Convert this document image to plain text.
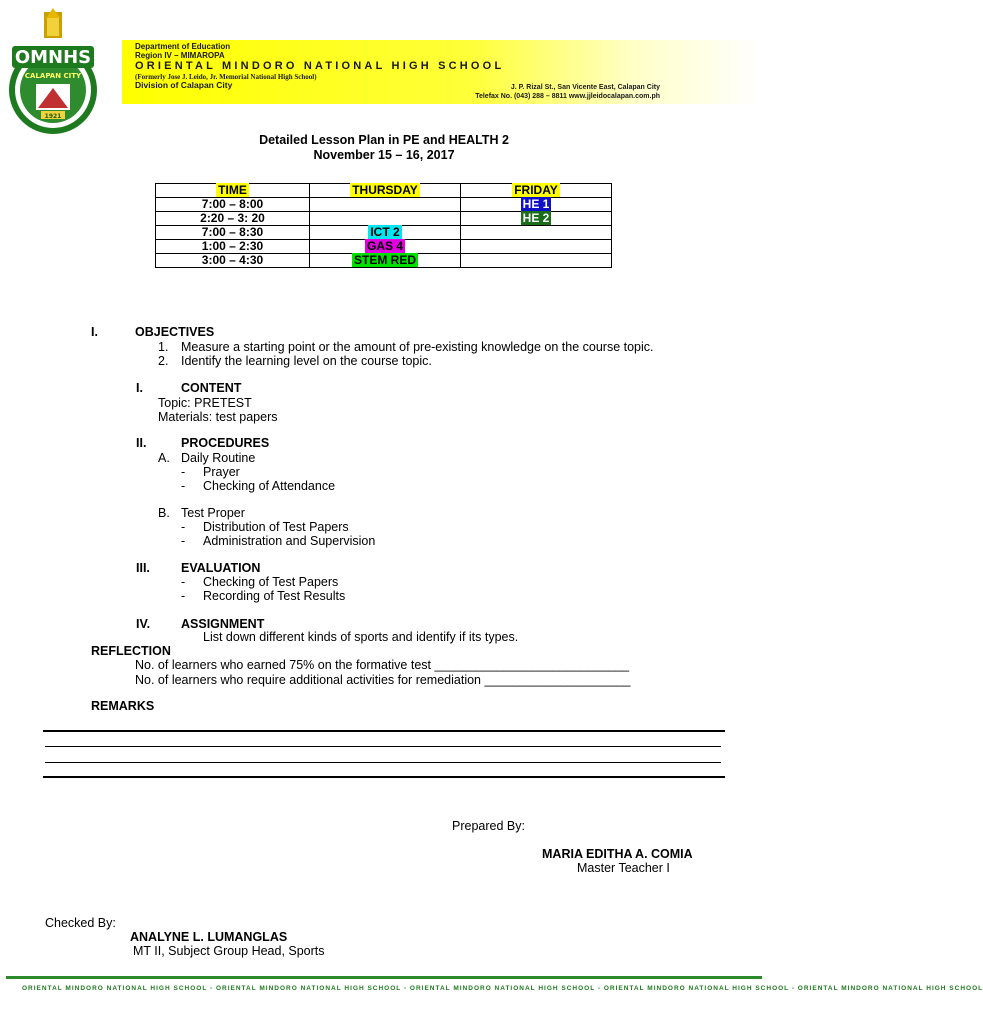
OMNHS
CALAPAN CITY
1921
Department of Education
Region IV – MIMAROPA
ORIENTAL MINDORO NATIONAL HIGH SCHOOL
(Formerly Jose J. Leido, Jr. Memorial National High School)
Division of Calapan City	J. P. Rizal St., San Vicente East, Calapan City
Telefax No. (043) 288 – 8811 www.jjleidocalapan.com.ph
Detailed Lesson Plan in PE and HEALTH 2
November 15 – 16, 2017
TIME	THURSDAY	FRIDAY
7:00 – 8:00		HE 1
2:20 – 3: 20		HE 2
7:00 – 8:30	ICT 2	
1:00 – 2:30	GAS 4	
3:00 – 4:30	STEM RED	
I.	OBJECTIVES
1. Measure a starting point or the amount of pre-existing knowledge on the course topic.
2. Identify the learning level on the course topic.
I.	CONTENT
Topic: PRETEST
Materials: test papers
II.	PROCEDURES
A. Daily Routine
- Prayer
- Checking of Attendance
B. Test Proper
- Distribution of Test Papers
- Administration and Supervision
III. EVALUATION
- Checking of Test Papers
- Recording of Test Results
IV. ASSIGNMENT
List down different kinds of sports and identify if its types.
REFLECTION
No. of learners who earned 75% on the formative test ____________________________
No. of learners who require additional activities for remediation _____________________
REMARKS
Prepared By:
MARIA EDITHA A. COMIA
Master Teacher I
Checked By:
ANALYNE L. LUMANGLAS
MT II, Subject Group Head, Sports
ORIENTAL MINDORO NATIONAL HIGH SCHOOL - ORIENTAL MINDORO NATIONAL HIGH SCHOOL - ORIENTAL MINDORO NATIONAL HIGH SCHOOL - ORIENTAL MINDORO NATIONAL HIGH SCHOOL - ORIENTAL MINDORO NATIONAL HIGH SCHOOL
